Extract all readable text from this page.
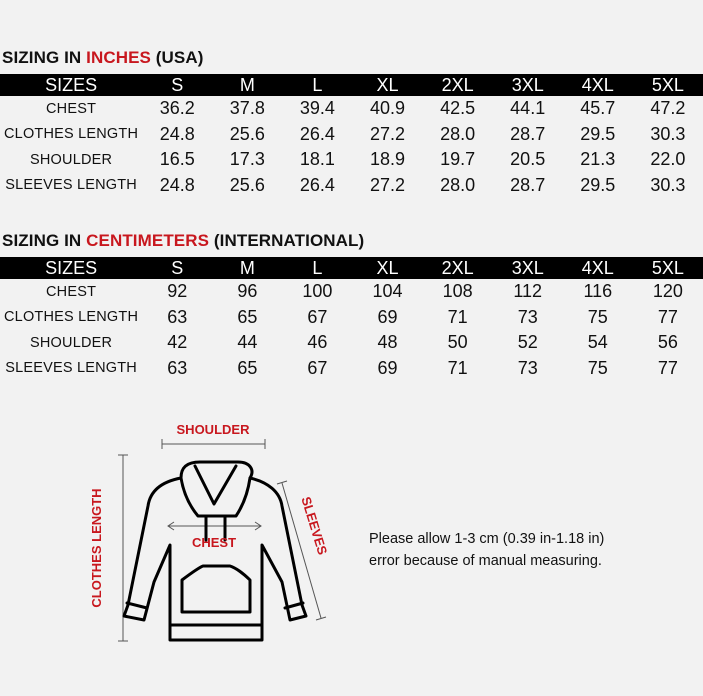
SIZING IN INCHES (USA)
SIZES	S	M	L	XL	2XL	3XL	4XL	5XL
CHEST	36.2	37.8	39.4	40.9	42.5	44.1	45.7	47.2
CLOTHES LENGTH	24.8	25.6	26.4	27.2	28.0	28.7	29.5	30.3
SHOULDER	16.5	17.3	18.1	18.9	19.7	20.5	21.3	22.0
SLEEVES LENGTH	24.8	25.6	26.4	27.2	28.0	28.7	29.5	30.3
SIZING IN CENTIMETERS (INTERNATIONAL)
SIZES	S	M	L	XL	2XL	3XL	4XL	5XL
CHEST	92	96	100	104	108	112	116	120
CLOTHES LENGTH	63	65	67	69	71	73	75	77
SHOULDER	42	44	46	48	50	52	54	56
SLEEVES LENGTH	63	65	67	69	71	73	75	77
SHOULDER
CHEST
CLOTHES LENGTH	SLEEVES	Please allow 1-3 cm (0.39 in-1.18 in)
error because of manual measuring.
